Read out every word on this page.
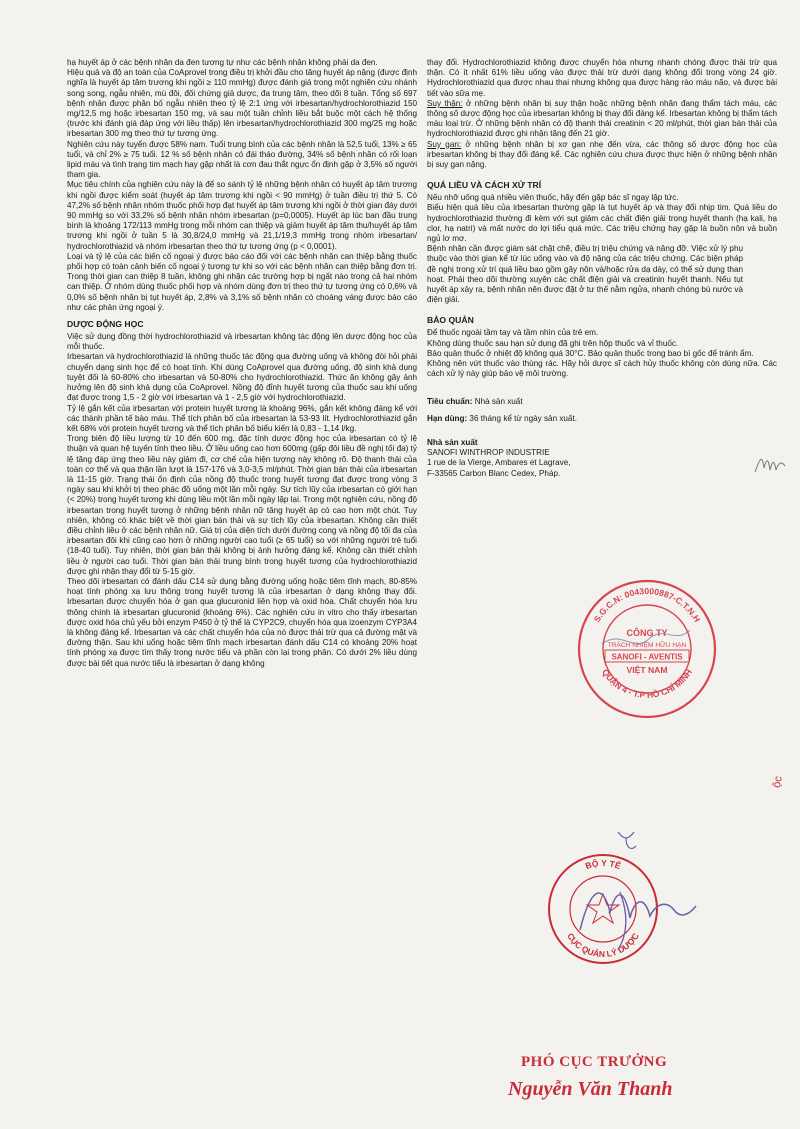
hạ huyết áp ở các bệnh nhân da đen tương tự như các bệnh nhân không phải da đen.

Hiệu quả và độ an toàn của CoAprovel trong điều trị khởi đầu cho tăng huyết áp nặng (được định nghĩa là huyết áp tâm trương khi ngồi ≥ 110 mmHg) được đánh giá trong một nghiên cứu nhánh song song, ngẫu nhiên, mù đôi, đối chứng giả dược, đa trung tâm, theo dõi 8 tuần. Tổng số 697 bệnh nhân được phân bố ngẫu nhiên theo tỷ lệ 2:1 ứng với irbesartan/hydrochlorothiazid 150 mg/12,5 mg hoặc irbesartan 150 mg, và sau một tuần chỉnh liều bắt buộc một cách hệ thống (trước khi đánh giá đáp ứng với liều thấp) lên irbesartan/hydrochlorothiazid 300 mg/25 mg hoặc irbesartan 300 mg theo thứ tự tương ứng.

Nghiên cứu này tuyển được 58% nam. Tuổi trung bình của các bệnh nhân là 52,5 tuổi, 13% ≥ 65 tuổi, và chỉ 2% ≥ 75 tuổi. 12 % số bệnh nhân có đái tháo đường, 34% số bệnh nhân có rối loạn lipid máu và tình trạng tim mạch hay gặp nhất là cơn đau thắt ngực ổn định gặp ở 3,5% số người tham gia.

Mục tiêu chính của nghiên cứu này là để so sánh tỷ lệ những bệnh nhân có huyết áp tâm trương khi ngồi được kiểm soát (huyết áp tâm trương khi ngồi < 90 mmHg) ở tuần điều trị thứ 5. Có 47,2% số bệnh nhân nhóm thuốc phối hợp đạt huyết áp tâm trương khi ngồi ở thời gian đáy dưới 90 mmHg so với 33,2% số bệnh nhân nhóm irbesartan (p=0,0005). Huyết áp lúc ban đầu trung bình là khoảng 172/113 mmHg trong mỗi nhóm can thiệp và giảm huyết áp tâm thu/huyết áp tâm trương khi ngồi ở tuần 5 là 30,8/24,0 mmHg và 21,1/19,3 mmHg trong nhóm irbesartan/ hydrochlorothiazid và nhóm irbesartan theo thứ tự tương ứng (p < 0,0001).

Loại và tỷ lệ của các biến cố ngoại ý được báo cáo đối với các bệnh nhân can thiệp bằng thuốc phối hợp có toàn cảnh biến cố ngoại ý tương tự khi so với các bệnh nhân can thiệp bằng đơn trị. Trong thời gian can thiệp 8 tuần, không ghi nhận các trường hợp bị ngất nào trong cả hai nhóm can thiệp. Ở nhóm dùng thuốc phối hợp và nhóm dùng đơn trị theo thứ tự tương ứng có 0,6% và 0,0% số bệnh nhân bị tụt huyết áp, 2,8% và 3,1% số bệnh nhân có choáng váng được báo cáo như các phản ứng ngoại ý.

DƯỢC ĐỘNG HỌC

Việc sử dụng đồng thời hydrochlorothiazid và irbesartan không tác động lên dược động học của mỗi thuốc.

Irbesartan và hydrochlorothiazid là những thuốc tác động qua đường uống và không đòi hỏi phải chuyển dạng sinh học để có hoạt tính. Khi dùng CoAprovel qua đường uống, độ sinh khả dụng tuyệt đối là 60-80% cho irbesartan và 50-80% cho hydrochlorothiazid. Thức ăn không gây ảnh hưởng lên độ sinh khả dụng của CoAprovel. Nồng độ đỉnh huyết tương của thuốc sau khi uống đạt được trong 1,5 - 2 giờ với irbesartan và 1 - 2,5 giờ với hydrochlorothiazid.

Tỷ lệ gắn kết của irbesartan với protein huyết tương là khoảng 96%, gắn kết không đáng kể với các thành phần tế bào máu. Thể tích phân bố của irbesartan là 53-93 lít. Hydrochlorothiazid gắn kết 68% với protein huyết tương và thể tích phân bố biểu kiến là 0,83 - 1,14 l/kg.

Trong biên độ liều lượng từ 10 đến 600 mg, đặc tính dược động học của irbesartan có tỷ lệ thuận và quan hệ tuyến tính theo liều. Ở liều uống cao hơn 600mg (gấp đôi liều đề nghị tối đa) tỷ lệ tăng đáp ứng theo liều này giảm đi, cơ chế của hiện tượng này không rõ. Độ thanh thải của toàn cơ thể và qua thận lần lượt là 157-176 và 3,0-3,5 ml/phút. Thời gian bán thải của irbesartan là 11-15 giờ. Trạng thái ổn định của nồng độ thuốc trong huyết tương đạt được trong vòng 3 ngày sau khi khởi trị theo phác đồ uống một lần mỗi ngày. Sự tích lũy của irbesartan có giới hạn (< 20%) trong huyết tương khi dùng liều một lần mỗi ngày lặp lại. Trong một nghiên cứu, nồng độ irbesartan trong huyết tương ở những bệnh nhân nữ tăng huyết áp có cao hơn một chút. Tuy nhiên, không có khác biệt về thời gian bán thải và sự tích lũy của irbesartan. Không cần thiết điều chỉnh liều ở các bệnh nhân nữ. Giá trị của diện tích dưới đường cong và nồng độ tối đa của irbesartan đôi khi cũng cao hơn ở những người cao tuổi (≥ 65 tuổi) so với những người trẻ tuổi (18-40 tuổi). Tuy nhiên, thời gian bán thải không bị ảnh hưởng đáng kể. Không cần thiết chỉnh liều ở người cao tuổi. Thời gian bán thải trung bình trong huyết tương của hydrochlorothiazid được ghi nhận thay đổi từ 5-15 giờ.

Theo dõi irbesartan có đánh dấu C14 sử dụng bằng đường uống hoặc tiêm tĩnh mạch, 80-85% hoạt tính phóng xạ lưu thông trong huyết tương là của irbesartan ở dạng không thay đổi. Irbesartan được chuyển hóa ở gan qua glucuronid liên hợp và oxid hóa. Chất chuyển hóa lưu thông chính là irbesartan glucuronid (khoảng 6%). Các nghiên cứu in vitro cho thấy irbesartan được oxid hóa chủ yếu bởi enzym P450 ở tỷ thể là CYP2C9, chuyển hóa qua izoenzym CYP3A4 là không đáng kể. Irbesartan và các chất chuyển hóa của nó được thải trừ qua cả đường mật và đường thận. Sau khi uống hoặc tiêm tĩnh mạch irbesartan đánh dấu C14 có khoảng 20% hoạt tính phóng xạ được tìm thấy trong nước tiểu và phần còn lại trong phân. Có dưới 2% liều dùng được bài tiết qua nước tiểu là irbesartan ở dạng không

thay đổi. Hydrochlorothiazid không được chuyển hóa nhưng nhanh chóng được thải trừ qua thận. Có ít nhất 61% liều uống vào được thải trừ dưới dạng không đổi trong vòng 24 giờ. Hydrochlorothiazid qua được nhau thai nhưng không qua được hàng rào máu não, và được bài tiết vào sữa mẹ.

Suy thận: ở những bệnh nhân bị suy thận hoặc những bệnh nhân đang thẩm tách máu, các thông số dược động học của irbesartan không bị thay đổi đáng kể. Irbesartan không bị thẩm tách máu loại trừ. Ở những bệnh nhân có độ thanh thải creatinin < 20 ml/phút, thời gian bán thải của hydrochlorothiazid được ghi nhận tăng đến 21 giờ.

Suy gan: ở những bệnh nhân bị xơ gan nhẹ đến vừa, các thông số dược động học của irbesartan không bị thay đổi đáng kể. Các nghiên cứu chưa được thực hiện ở những bệnh nhân bị suy gan nặng.

QUÁ LIỀU VÀ CÁCH XỬ TRÍ

Nếu nhỡ uống quá nhiều viên thuốc, hãy đến gặp bác sĩ ngay lập tức.

Biểu hiện quá liều của irbesartan thường gặp là tụt huyết áp và thay đổi nhịp tim. Quá liều do hydrochlorothiazid thường đi kèm với sụt giảm các chất điện giải trong huyết thanh (hạ kali, hạ clor, hạ natri) và mất nước do lợi tiểu quá mức. Các triệu chứng hay gặp là buồn nôn và buồn ngủ lơ mơ.

Bệnh nhân cần được giám sát chặt chẽ, điều trị triệu chứng và nâng đỡ. Việc xử lý phụ thuộc vào thời gian kể từ lúc uống vào và độ nặng của các triệu chứng. Các biện pháp đề nghị trong xử trí quá liều bao gồm gây nôn và/hoặc rửa dạ dày, có thể sử dụng than hoạt. Phải theo dõi thường xuyên các chất điện giải và creatinin huyết thanh. Nếu tụt huyết áp xảy ra, bệnh nhân nên được đặt ở tư thế nằm ngửa, nhanh chóng bù nước và điện giải.

BẢO QUẢN

Để thuốc ngoài tầm tay và tầm nhìn của trẻ em.

Không dùng thuốc sau hạn sử dụng đã ghi trên hộp thuốc và vỉ thuốc.

Bảo quản thuốc ở nhiệt độ không quá 30°C. Bảo quản thuốc trong bao bì gốc để tránh ẩm.

Không nên vứt thuốc vào thùng rác. Hãy hỏi dược sĩ cách hủy thuốc không còn dùng nữa. Các cách xử lý này giúp bảo vệ môi trường.

Tiêu chuẩn: Nhà sản xuất

Hạn dùng: 36 tháng kể từ ngày sản xuất.

Nhà sản xuất

SANOFI WINTHROP INDUSTRIE

1 rue de la Vierge, Ambares et Lagrave,

F-33565 Carbon Blanc Cedex, Pháp.

S.G.C.N: 0043000887-C.T.N.H
QUẬN 4 - T.P HỒ CHÍ MINH
CÔNG TY
TRÁCH NHIỆM HỮU HẠN
SANOFI - AVENTIS
VIỆT NAM
ộc
BỘ Y TẾ
CỤC QUẢN LÝ DƯỢC
PHÓ CỤC TRƯỞNG
Nguyễn Văn Thanh
